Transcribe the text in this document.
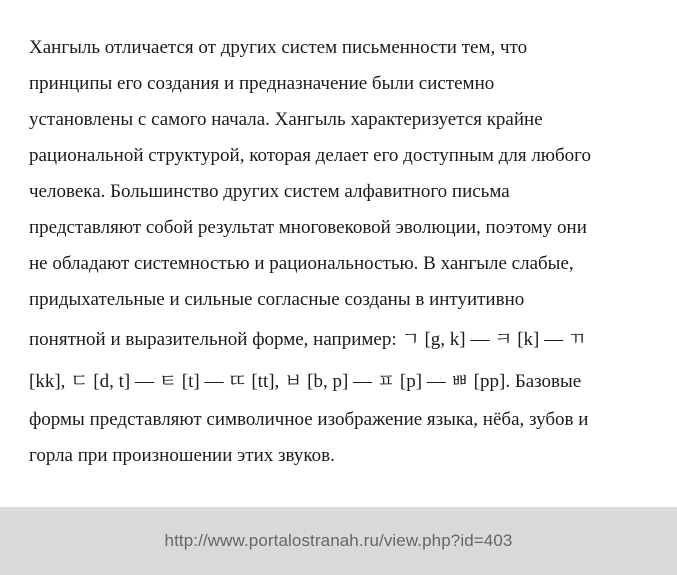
Хангыль отличается от других систем письменности тем, что
принципы его создания и предназначение были системно
установлены с самого начала. Хангыль характеризуется крайне
рациональной структурой, которая делает его доступным для любого
человека. Большинство других систем алфавитного письма
представляют собой результат многовековой эволюции, поэтому они
не обладают системностью и рациональностью. В хангыле слабые,
придыхательные и сильные согласные созданы в интуитивно
понятной и выразительной форме, например: ㄱ [g, k] — ㅋ [k] — ㄲ
[kk], ㄷ [d, t] — ㅌ [t] — ㄸ [tt], ㅂ [b, p] — ㅍ [p] — ㅃ [pp]. Базовые
формы представляют символичное изображение языка, нёба, зубов и
горла при произношении этих звуков.
http://www.portalostranah.ru/view.php?id=403
